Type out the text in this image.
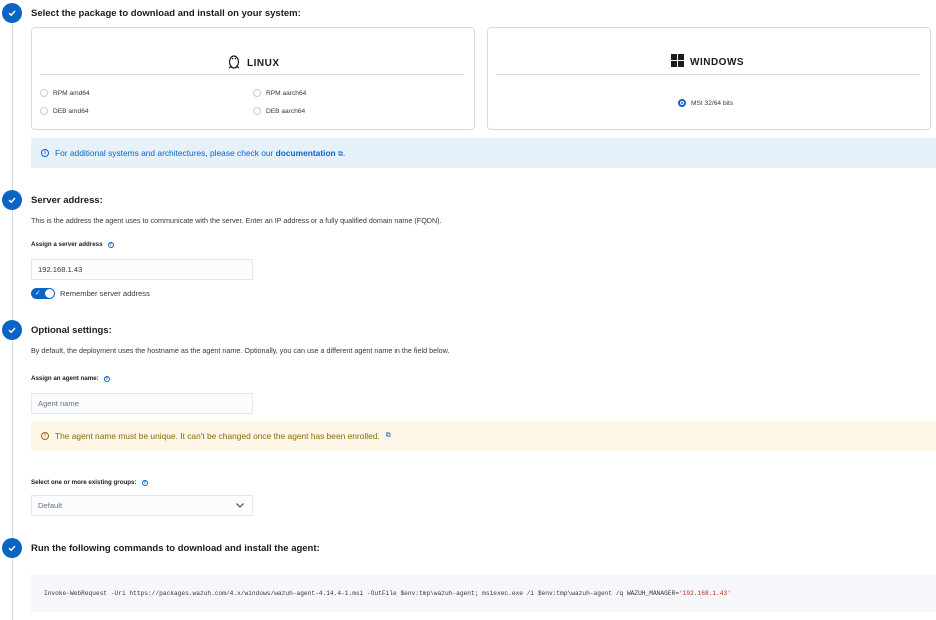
Select the package to download and install on your system:
LINUX
RPM amd64	RPM aarch64
DEB amd64	DEB aarch64
WINDOWS
MSI 32/64 bits
i	For additional systems and architectures, please check our documentation ⧉.
Server address:
This is the address the agent uses to communicate with the server. Enter an IP address or a fully qualified domain name (FQDN).
Assign a server address	?
192.168.1.43
✓	Remember server address
Optional settings:
By default, the deployment uses the hostname as the agent name. Optionally, you can use a different agent name in the field below.
Assign an agent name:	?
Agent name
!	The agent name must be unique. It can't be changed once the agent has been enrolled. ⧉
Select one or more existing groups:	?
Default
Run the following commands to download and install the agent:
Invoke-WebRequest -Uri https://packages.wazuh.com/4.x/windows/wazuh-agent-4.14.4-1.msi -OutFile $env:tmp\wazuh-agent; msiexec.exe /i $env:tmp\wazuh-agent /q WAZUH_MANAGER= '192.168.1.43'
